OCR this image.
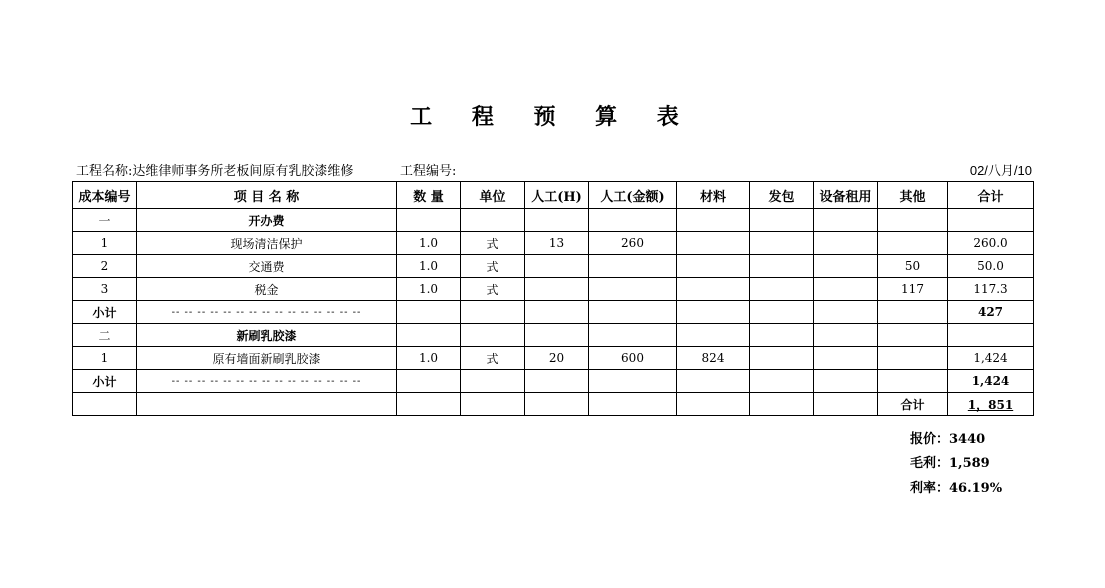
工 程 预 算 表
工程名称:达维律师事务所老板间原有乳胶漆维修	工程编号:	02/八月/10
成本编号	项 目 名 称	数 量	单位	人工(H)	人工(金额)	材料	发包	设备租用	其他	合计
一	开办费									
1	现场清洁保护	1.0	式	13	260					260.0
2	交通费	1.0	式						50	50.0
3	税金	1.0	式						117	117.3
小计	-- -- -- -- -- -- -- -- -- -- -- -- -- -- --									427
二	新刷乳胶漆									
1	原有墙面新刷乳胶漆	1.0	式	20	600	824				1,424
小计	-- -- -- -- -- -- -- -- -- -- -- -- -- -- --									1,424
									合计	1，851
报价：3440
毛利：1,589
利率：46.19%
